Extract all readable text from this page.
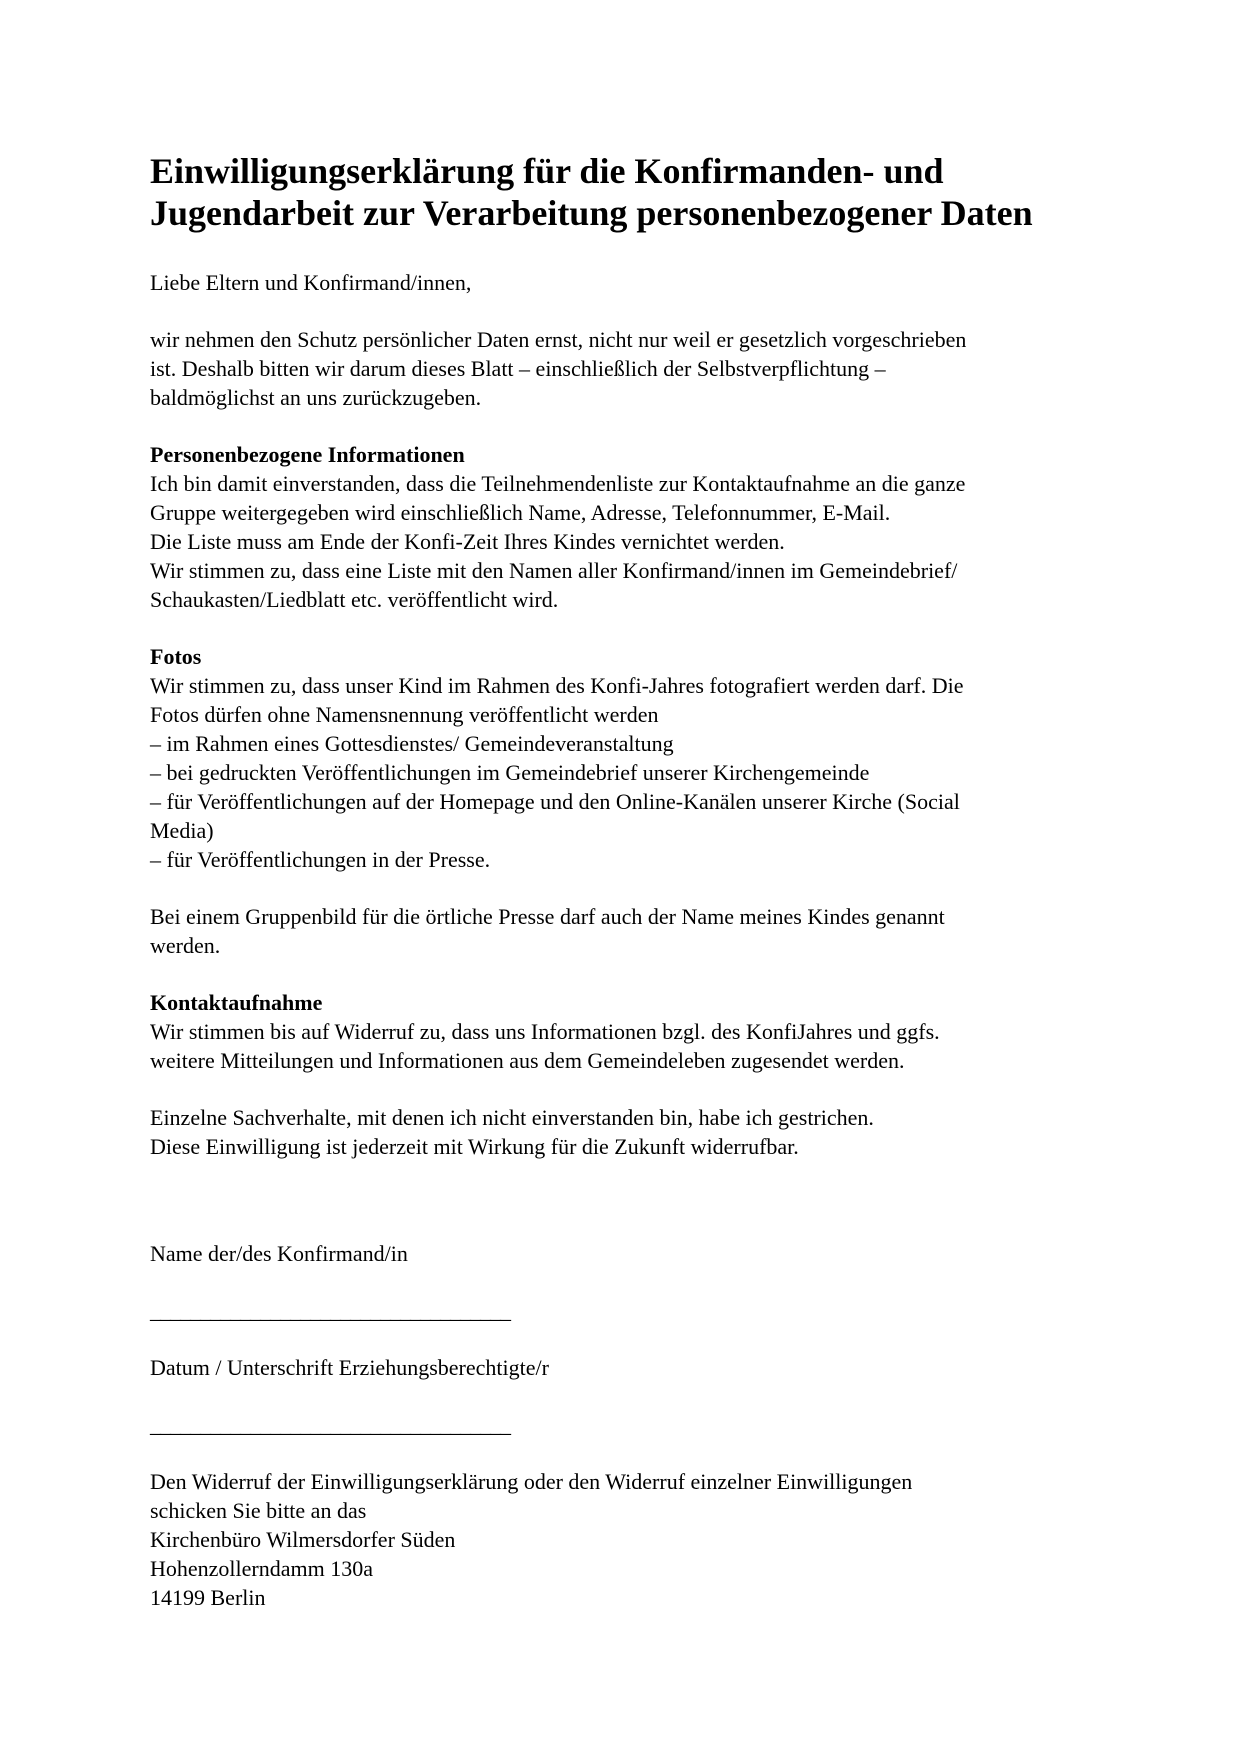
Einwilligungserklärung für die Konfirmanden- und
Jugendarbeit zur Verarbeitung personenbezogener Daten

Liebe Eltern und Konfirmand/innen,

wir nehmen den Schutz persönlicher Daten ernst, nicht nur weil er gesetzlich vorgeschrieben
ist. Deshalb bitten wir darum dieses Blatt – einschließlich der Selbstverpflichtung –
baldmöglichst an uns zurückzugeben.

Personenbezogene Informationen
Ich bin damit einverstanden, dass die Teilnehmendenliste zur Kontaktaufnahme an die ganze
Gruppe weitergegeben wird einschließlich Name, Adresse, Telefonnummer, E-Mail.
Die Liste muss am Ende der Konfi-Zeit Ihres Kindes vernichtet werden.
Wir stimmen zu, dass eine Liste mit den Namen aller Konfirmand/innen im Gemeindebrief/
Schaukasten/Liedblatt etc. veröffentlicht wird.

Fotos
Wir stimmen zu, dass unser Kind im Rahmen des Konfi-Jahres fotografiert werden darf. Die
Fotos dürfen ohne Namensnennung veröffentlicht werden
– im Rahmen eines Gottesdienstes/ Gemeindeveranstaltung
– bei gedruckten Veröffentlichungen im Gemeindebrief unserer Kirchengemeinde
– für Veröffentlichungen auf der Homepage und den Online-Kanälen unserer Kirche (Social
Media)
– für Veröffentlichungen in der Presse.

Bei einem Gruppenbild für die örtliche Presse darf auch der Name meines Kindes genannt
werden.

Kontaktaufnahme
Wir stimmen bis auf Widerruf zu, dass uns Informationen bzgl. des KonfiJahres und ggfs.
weitere Mitteilungen und Informationen aus dem Gemeindeleben zugesendet werden.

Einzelne Sachverhalte, mit denen ich nicht einverstanden bin, habe ich gestrichen.
Diese Einwilligung ist jederzeit mit Wirkung für die Zukunft widerrufbar.

Name der/des Konfirmand/in

____________________________________

Datum / Unterschrift Erziehungsberechtigte/r

____________________________________

Den Widerruf der Einwilligungserklärung oder den Widerruf einzelner Einwilligungen
schicken Sie bitte an das
Kirchenbüro Wilmersdorfer Süden
Hohenzollerndamm 130a
14199 Berlin
